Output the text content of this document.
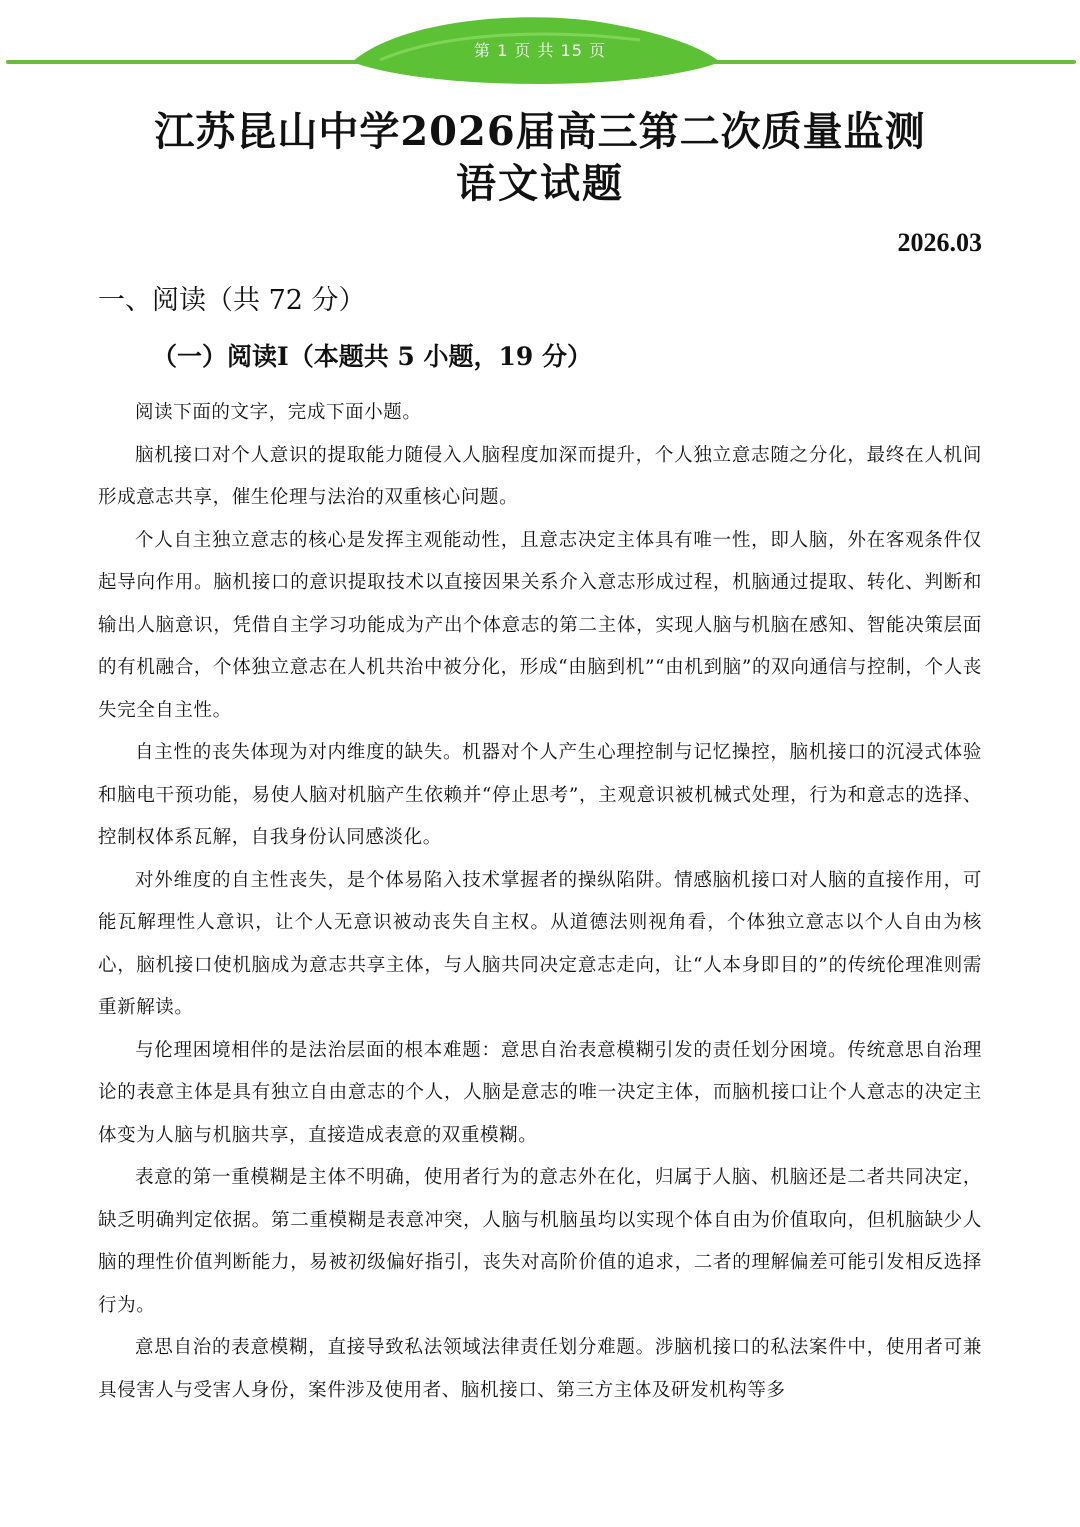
第 1 页 共 15 页
江苏昆山中学2026届高三第二次质量监测
语文试题
2026.03
一、阅读（共 72 分）
（一）阅读Ⅰ（本题共 5 小题，19 分）

阅读下面的文字，完成下面小题。

脑机接口对个人意识的提取能力随侵入人脑程度加深而提升，个人独立意志随之分化，最终在人机间形成意志共享，催生伦理与法治的双重核心问题。

个人自主独立意志的核心是发挥主观能动性，且意志决定主体具有唯一性，即人脑，外在客观条件仅起导向作用。脑机接口的意识提取技术以直接因果关系介入意志形成过程，机脑通过提取、转化、判断和输出人脑意识，凭借自主学习功能成为产出个体意志的第二主体，实现人脑与机脑在感知、智能决策层面的有机融合，个体独立意志在人机共治中被分化，形成“由脑到机”“由机到脑”的双向通信与控制，个人丧失完全自主性。

自主性的丧失体现为对内维度的缺失。机器对个人产生心理控制与记忆操控，脑机接口的沉浸式体验和脑电干预功能，易使人脑对机脑产生依赖并“停止思考”，主观意识被机械式处理，行为和意志的选择、控制权体系瓦解，自我身份认同感淡化。

对外维度的自主性丧失，是个体易陷入技术掌握者的操纵陷阱。情感脑机接口对人脑的直接作用，可能瓦解理性人意识，让个人无意识被动丧失自主权。从道德法则视角看，个体独立意志以个人自由为核心，脑机接口使机脑成为意志共享主体，与人脑共同决定意志走向，让“人本身即目的”的传统伦理准则需重新解读。

与伦理困境相伴的是法治层面的根本难题：意思自治表意模糊引发的责任划分困境。传统意思自治理论的表意主体是具有独立自由意志的个人，人脑是意志的唯一决定主体，而脑机接口让个人意志的决定主体变为人脑与机脑共享，直接造成表意的双重模糊。

表意的第一重模糊是主体不明确，使用者行为的意志外在化，归属于人脑、机脑还是二者共同决定，缺乏明确判定依据。第二重模糊是表意冲突，人脑与机脑虽均以实现个体自由为价值取向，但机脑缺少人脑的理性价值判断能力，易被初级偏好指引，丧失对高阶价值的追求，二者的理解偏差可能引发相反选择行为。

意思自治的表意模糊，直接导致私法领域法律责任划分难题。涉脑机接口的私法案件中，使用者可兼具侵害人与受害人身份，案件涉及使用者、脑机接口、第三方主体及研发机构等多
